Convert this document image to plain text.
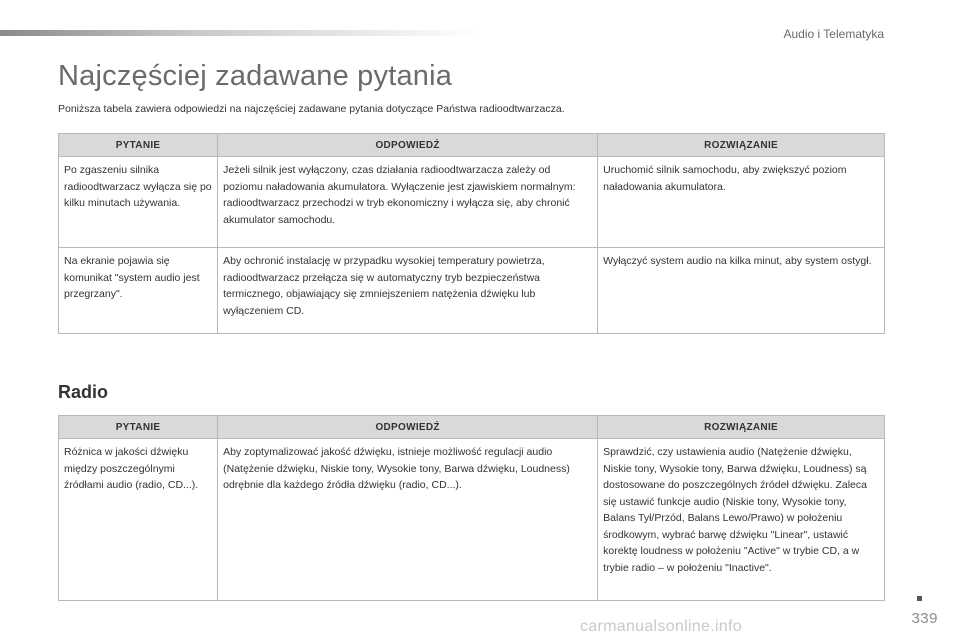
Audio i Telematyka
Najczęściej zadawane pytania
Poniższa tabela zawiera odpowiedzi na najczęściej zadawane pytania dotyczące Państwa radioodtwarzacza.
PYTANIE	ODPOWIEDŹ	ROZWIĄZANIE
Po zgaszeniu silnika radioodtwarzacz wyłącza się po kilku minutach używania.	Jeżeli silnik jest wyłączony, czas działania radioodtwarzacza zależy od poziomu naładowania akumulatora. Wyłączenie jest zjawiskiem normalnym: radioodtwarzacz przechodzi w tryb ekonomiczny i wyłącza się, aby chronić akumulator samochodu.	Uruchomić silnik samochodu, aby zwiększyć poziom naładowania akumulatora.
Na ekranie pojawia się komunikat "system audio jest przegrzany".	Aby ochronić instalację w przypadku wysokiej temperatury powietrza, radioodtwarzacz przełącza się w automatyczny tryb bezpieczeństwa termicznego, objawiający się zmniejszeniem natężenia dźwięku lub wyłączeniem CD.	Wyłączyć system audio na kilka minut, aby system ostygł.
Radio
PYTANIE	ODPOWIEDŹ	ROZWIĄZANIE
Różnica w jakości dźwięku między poszczególnymi źródłami audio (radio, CD...).	Aby zoptymalizować jakość dźwięku, istnieje możliwość regulacji audio (Natężenie dźwięku, Niskie tony, Wysokie tony, Barwa dźwięku, Loudness) odrębnie dla każdego źródła dźwięku (radio, CD...).	Sprawdzić, czy ustawienia audio (Natężenie dźwięku, Niskie tony, Wysokie tony, Barwa dźwięku, Loudness) są dostosowane do poszczególnych źródeł dźwięku. Zaleca się ustawić funkcje audio (Niskie tony, Wysokie tony, Balans Tył/Przód, Balans Lewo/Prawo) w położeniu środkowym, wybrać barwę dźwięku "Linear", ustawić korektę loudness w położeniu "Active" w trybie CD, a w trybie radio – w położeniu "Inactive".
339
carmanualsonline.info
